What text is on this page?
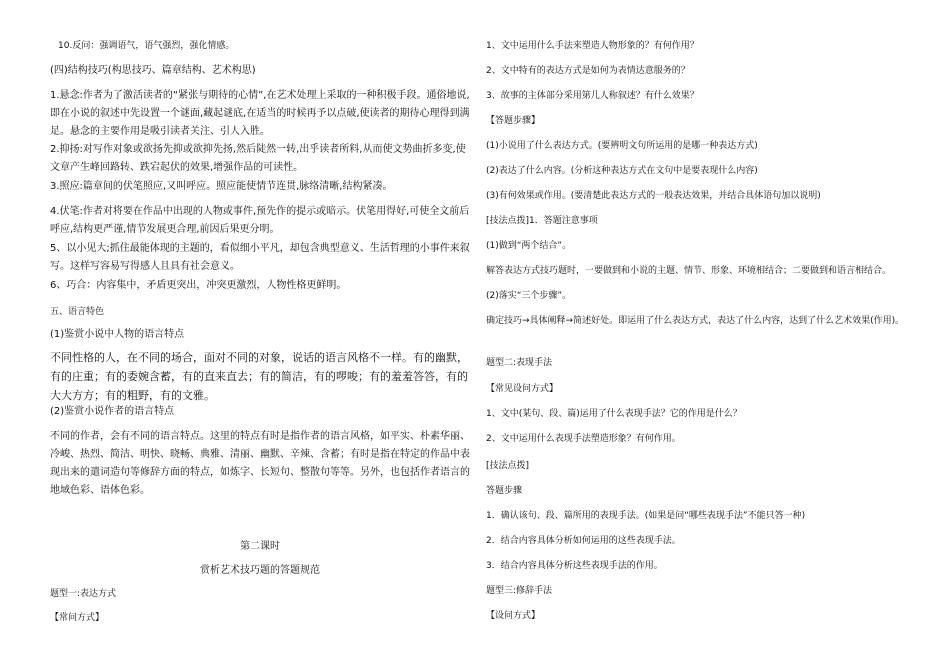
10.反问：强调语气，语气强烈，强化情感。

(四)结构技巧(构思技巧、篇章结构、艺术构思)

1.悬念:作者为了激活读者的“紧张与期待的心情”,在艺术处理上采取的一种积极手段。通俗地说,即在小说的叙述中先设置一个谜面,藏起谜底,在适当的时候再予以点破,使读者的期待心理得到满足。悬念的主要作用是吸引读者关注、引人入胜。

2.抑扬:对写作对象或欲扬先抑或欲抑先扬,然后陡然一转,出乎读者所料,从而使文势曲折多变,使文章产生峰回路转、跌宕起伏的效果,增强作品的可读性。

3.照应:篇章间的伏笔照应,又叫呼应。照应能使情节连贯,脉络清晰,结构紧凑。

4.伏笔:作者对将要在作品中出现的人物或事件,预先作的提示或暗示。伏笔用得好,可使全文前后呼应,结构更严谨,情节发展更合理,前因后果更分明。

5、以小见大;抓住最能体现的主题的，看似细小平凡，却包含典型意义、生活哲理的小事件来叙写。这样写容易写得感人且具有社会意义。

6、巧合：内容集中，矛盾更突出，冲突更激烈，人物性格更鲜明。

五、语言特色

(1)鉴赏小说中人物的语言特点

不同性格的人，在不同的场合，面对不同的对象，说话的语言风格不一样。有的幽默，有的庄重；有的委婉含蓄，有的直来直去；有的简洁，有的啰唆；有的羞羞答答，有的大大方方；有的粗野，有的文雅。

(2)鉴赏小说作者的语言特点

不同的作者，会有不同的语言特点。这里的特点有时是指作者的语言风格，如平实、朴素华丽、冷峻、热烈、简洁、明快、晓畅、典雅、清丽、幽默、辛辣、含蓄；有时是指在特定的作品中表现出来的遣词造句等修辞方面的特点，如炼字、长短句、整散句等等。另外，也包括作者语言的地域色彩、语体色彩。

第二课时

赏析艺术技巧题的答题规范

题型一:表达方式

【常问方式】

1、文中运用什么手法来塑造人物形象的？有何作用？

2、文中特有的表达方式是如何为表情达意服务的？

3、故事的主体部分采用第几人称叙述？有什么效果？

【答题步骤】

(1)小说用了什么表达方式。(要辨明文句所运用的是哪一种表达方式)

(2)表达了什么内容。(分析这种表达方式在文句中是要表现什么内容)

(3)有何效果或作用。(要清楚此表达方式的一般表达效果，并结合具体语句加以说明)

[技法点拨]1．答题注意事项

(1)做到“两个结合”。

解答表达方式技巧题时，一要做到和小说的主题、情节、形象、环境相结合；二要做到和语言相结合。

(2)落实“三个步骤”。

确定技巧→具体阐释→简述好处。即运用了什么表达方式，表达了什么内容，达到了什么艺术效果(作用)。

题型二:表现手法

【常见设问方式】

1、文中(某句、段、篇)运用了什么表现手法？它的作用是什么？

2、文中运用什么表现手法塑造形象？有何作用。

[技法点拨]

答题步骤

1．确认该句、段、篇所用的表现手法。(如果是问“哪些表现手法”不能只答一种)

2．结合内容具体分析如何运用的这些表现手法。

3．结合内容具体分析这些表现手法的作用。

题型三:修辞手法

【设问方式】
